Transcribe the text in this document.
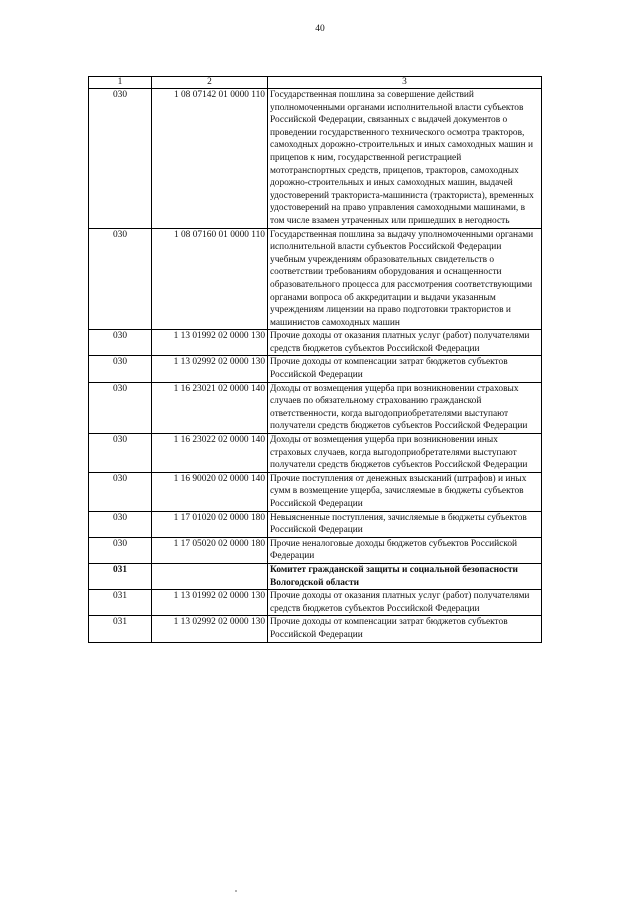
40
1	2	3
030	1 08 07142 01 0000 110	Государственная пошлина за совершение действий уполномоченными органами исполнительной власти субъектов Российской Федерации, связанных с выдачей документов о проведении государственного технического осмотра тракторов, самоходных дорожно-строительных и иных самоходных машин и прицепов к ним, государственной регистрацией мототранспортных средств, прицепов, тракторов, самоходных дорожно-строительных и иных самоходных машин, выдачей удостоверений тракториста-машиниста (тракториста), временных удостоверений на право управления самоходными машинами, в том числе взамен утраченных или пришедших в негодность
030	1 08 07160 01 0000 110	Государственная пошлина за выдачу уполномоченными органами исполнительной власти субъектов Российской Федерации учебным учреждениям образовательных свидетельств о соответствии требованиям оборудования и оснащенности образовательного процесса для рассмотрения соответствующими органами вопроса об аккредитации и выдачи указанным учреждениям лицензии на право подготовки трактористов и машинистов самоходных машин
030	1 13 01992 02 0000 130	Прочие доходы от оказания платных услуг (работ) получателями средств бюджетов субъектов Российской Федерации
030	1 13 02992 02 0000 130	Прочие доходы от компенсации затрат бюджетов субъектов Российской Федерации
030	1 16 23021 02 0000 140	Доходы от возмещения ущерба при возникновении страховых случаев по обязательному страхованию гражданской ответственности, когда выгодоприобретателями выступают получатели средств бюджетов субъектов Российской Федерации
030	1 16 23022 02 0000 140	Доходы от возмещения ущерба при возникновении иных страховых случаев, когда выгодоприобретателями выступают получатели средств бюджетов субъектов Российской Федерации
030	1 16 90020 02 0000 140	Прочие поступления от денежных взысканий (штрафов) и иных сумм в возмещение ущерба, зачисляемые в бюджеты субъектов Российской Федерации
030	1 17 01020 02 0000 180	Невыясненные поступления, зачисляемые в бюджеты субъектов Российской Федерации
030	1 17 05020 02 0000 180	Прочие неналоговые доходы бюджетов субъектов Российской Федерации
031		Комитет гражданской защиты и социальной безопасности Вологодской области
031	1 13 01992 02 0000 130	Прочие доходы от оказания платных услуг (работ) получателями средств бюджетов субъектов Российской Федерации
031	1 13 02992 02 0000 130	Прочие доходы от компенсации затрат бюджетов субъектов Российской Федерации
